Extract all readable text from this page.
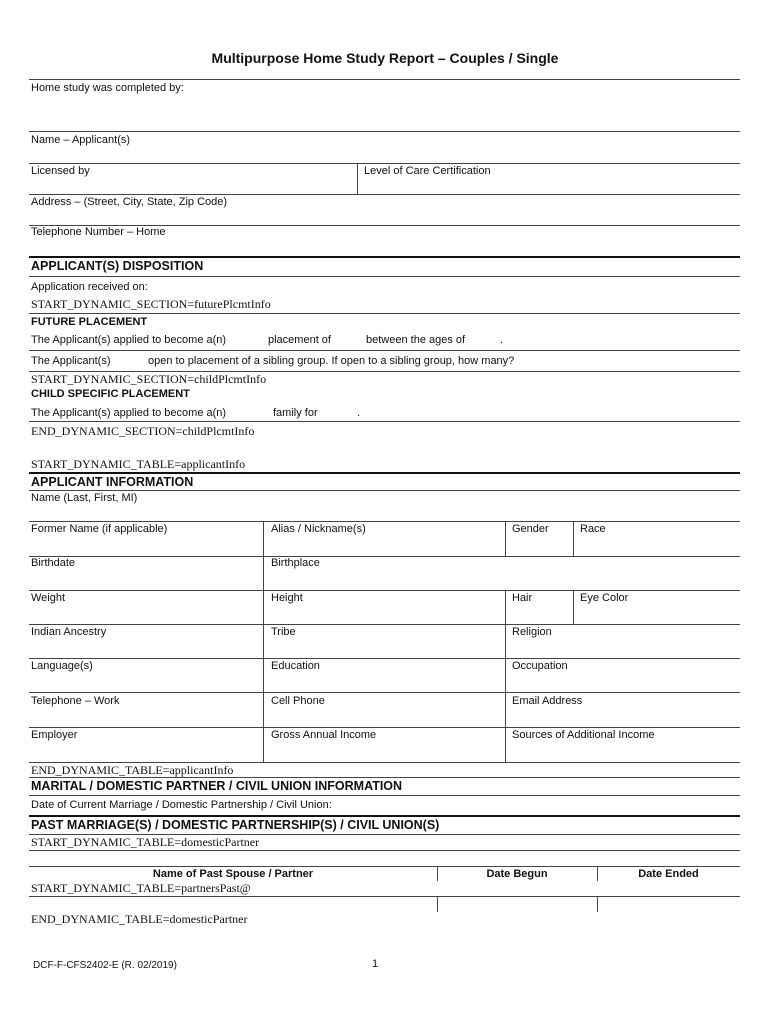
Multipurpose Home Study Report – Couples / Single
Home study was completed by:
Name – Applicant(s)
Licensed by	Level of Care Certification
Address – (Street, City, State, Zip Code)
Telephone Number – Home
APPLICANT(S) DISPOSITION
Application received on:
START_DYNAMIC_SECTION=futurePlcmtInfo
FUTURE PLACEMENT
The Applicant(s) applied to become a(n)	placement of	between the ages of	.
The Applicant(s)	open to placement of a sibling group. If open to a sibling group, how many?
START_DYNAMIC_SECTION=childPlcmtInfo
CHILD SPECIFIC PLACEMENT
The Applicant(s) applied to become a(n)	family for	.
END_DYNAMIC_SECTION=childPlcmtInfo
START_DYNAMIC_TABLE=applicantInfo
APPLICANT INFORMATION
Name (Last, First, MI)
Former Name (if applicable)	Alias / Nickname(s)	Gender	Race
Birthdate	Birthplace
Weight	Height	Hair	Eye Color
Indian Ancestry	Tribe	Religion
Language(s)	Education	Occupation
Telephone – Work	Cell Phone	Email Address
Employer	Gross Annual Income	Sources of Additional Income
END_DYNAMIC_TABLE=applicantInfo
MARITAL / DOMESTIC PARTNER / CIVIL UNION INFORMATION
Date of Current Marriage / Domestic Partnership / Civil Union:
PAST MARRIAGE(S) / DOMESTIC PARTNERSHIP(S) / CIVIL UNION(S)
START_DYNAMIC_TABLE=domesticPartner
Name of Past Spouse / Partner	Date Begun	Date Ended
START_DYNAMIC_TABLE=partnersPast@
END_DYNAMIC_TABLE=domesticPartner
DCF-F-CFS2402-E (R. 02/2019)	1
